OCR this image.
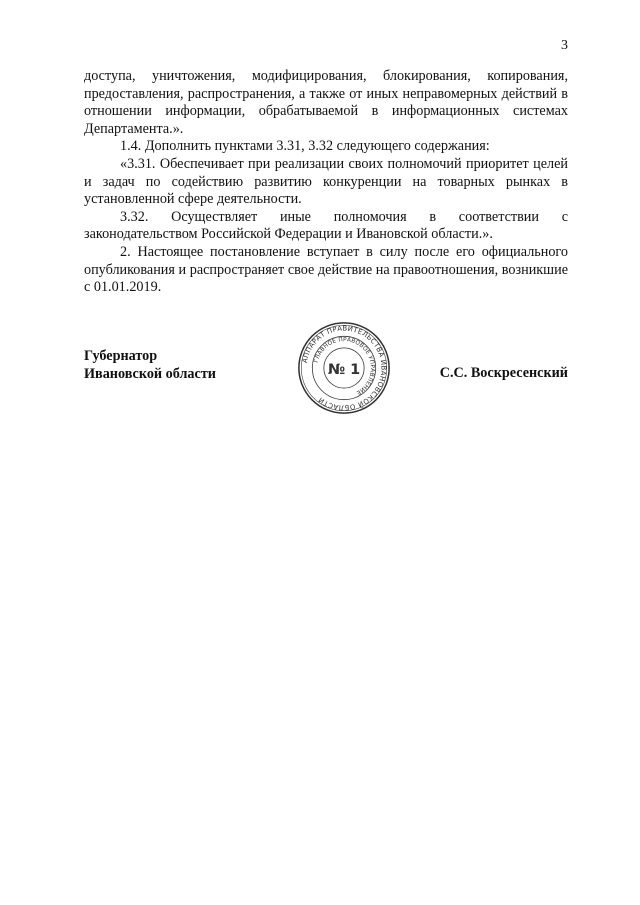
3

доступа, уничтожения, модифицирования, блокирования, копирования, предоставления, распространения, а также от иных неправомерных действий в отношении информации, обрабатываемой в информационных системах Департамента.».

1.4. Дополнить пунктами 3.31, 3.32 следующего содержания:

«3.31. Обеспечивает при реализации своих полномочий приоритет целей и задач по содействию развитию конкуренции на товарных рынках в установленной сфере деятельности.

3.32. Осуществляет иные полномочия в соответствии с законодательством Российской Федерации и Ивановской области.».

2. Настоящее постановление вступает в силу после его официального опубликования и распространяет свое действие на правоотношения, возникшие с 01.01.2019.

Губернатор
Ивановской области
АППАРАТ ПРАВИТЕЛЬСТВА ИВАНОВСКОЙ ОБЛАСТИ
ГЛАВНОЕ ПРАВОВОЕ УПРАВЛЕНИЕ
№ 1	С.С. Воскресенский
